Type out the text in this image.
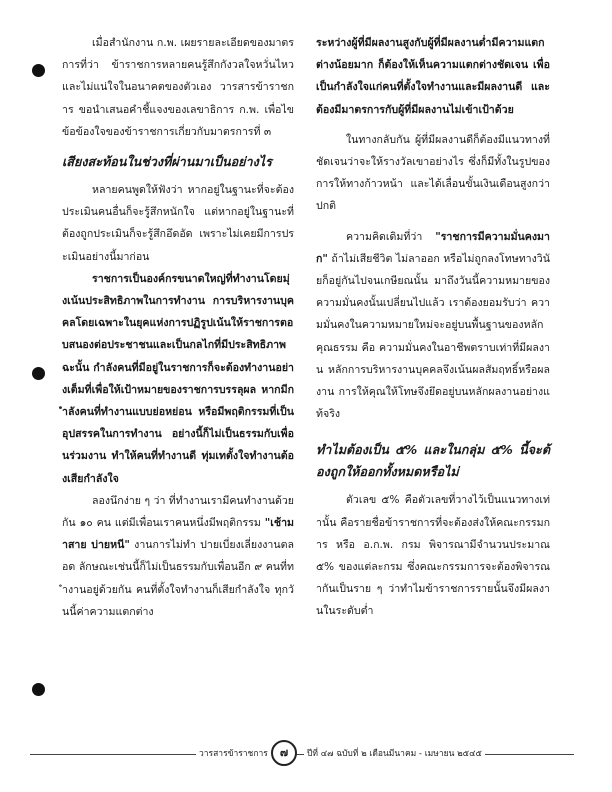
เมื่อสำนักงาน ก.พ. เผยรายละเอียดของมาตรการที่ว่า ข้าราชการหลายคนรู้สึกกังวลใจหวั่นไหว และไม่แน่ใจในอนาคตของตัวเอง วารสารข้าราชการ ขอนำเสนอคำชี้แจงของเลขาธิการ ก.พ. เพื่อไขข้อข้องใจของข้าราชการเกี่ยวกับมาตรการที่ ๓

เสียงสะท้อนในช่วงที่ผ่านมาเป็นอย่างไร

หลายคนพูดให้ฟังว่า หากอยู่ในฐานะที่จะต้องประเมินคนอื่นก็จะรู้สึกหนักใจ แต่หากอยู่ในฐานะที่ต้องถูกประเมินก็จะรู้สึกอึดอัด เพราะไม่เคยมีการประเมินอย่างนี้มาก่อน

ราชการเป็นองค์กรขนาดใหญ่ที่ทำงานโดยมุ่งเน้นประสิทธิภาพในการทำงาน การบริหารงานบุคคลโดยเฉพาะในยุคแห่งการปฏิรูปเน้นให้ราชการตอบสนองต่อประชาชนและเป็นกลไกที่มีประสิทธิภาพ ฉะนั้น กำลังคนที่มีอยู่ในราชการก็จะต้องทำงานอย่างเต็มที่เพื่อให้เป้าหมายของราชการบรรลุผล หากมีกำลังคนที่ทำงานแบบย่อหย่อน หรือมีพฤติกรรมที่เป็นอุปสรรคในการทำงาน อย่างนี้ก็ไม่เป็นธรรมกับเพื่อนร่วมงาน ทำให้คนที่ทำงานดี ทุ่มเทตั้งใจทำงานต้องเสียกำลังใจ

ลองนึกง่าย ๆ ว่า ที่ทำงานเรามีคนทำงานด้วยกัน ๑๐ คน แต่มีเพื่อนเราคนหนึ่งมีพฤติกรรม "เช้ามาสาย บ่ายหนี" งานการไม่ทำ ปายเบี่ยงเลี่ยงงานตลอด ลักษณะเช่นนี้ก็ไม่เป็นธรรมกับเพื่อนอีก ๙ คนที่ทำงานอยู่ด้วยกัน คนที่ตั้งใจทำงานก็เสียกำลังใจ ทุกวันนี้ค่าความแตกต่าง

ระหว่างผู้ที่มีผลงานสูงกับผู้ที่มีผลงานต่ำมีความแตกต่างน้อยมาก ก็ต้องให้เห็นความแตกต่างชัดเจน เพื่อเป็นกำลังใจแก่คนที่ตั้งใจทำงานและมีผลงานดี และต้องมีมาตรการกับผู้ที่มีผลงานไม่เข้าเป้าด้วย

ในทางกลับกัน ผู้ที่มีผลงานดีก็ต้องมีแนวทางที่ชัดเจนว่าจะให้รางวัลเขาอย่างไร ซึ่งก็มีทั้งในรูปของการให้ทางก้าวหน้า และได้เลื่อนขั้นเงินเดือนสูงกว่าปกติ

ความคิดเดิมที่ว่า "ราชการมีความมั่นคงมาก" ถ้าไม่เสียชีวิต ไม่ลาออก หรือไม่ถูกลงโทษทางวินัยก็อยู่กันไปจนเกษียณนั้น มาถึงวันนี้ความหมายของความมั่นคงนั้นเปลี่ยนไปแล้ว เราต้องยอมรับว่า ความมั่นคงในความหมายใหม่จะอยู่บนพื้นฐานของหลักคุณธรรม คือ ความมั่นคงในอาชีพตราบเท่าที่มีผลงาน หลักการบริหารงานบุคคลจึงเน้นผลสัมฤทธิ์หรือผลงาน การให้คุณให้โทษจึงยึดอยู่บนหลักผลงานอย่างแท้จริง

ทำไมต้องเป็น ๕% และในกลุ่ม ๕% นี้จะต้องถูกให้ออกทั้งหมดหรือไม่

ตัวเลข ๕% คือตัวเลขที่วางไว้เป็นแนวทางเท่านั้น คือรายชื่อข้าราชการที่จะต้องส่งให้คณะกรรมการ หรือ อ.ก.พ. กรม พิจารณามีจำนวนประมาณ ๕% ของแต่ละกรม ซึ่งคณะกรรมการจะต้องพิจารณากันเป็นราย ๆ ว่าทำไมข้าราชการรายนั้นจึงมีผลงานในระดับต่ำ

วารสารข้าราชการ	๗	ปีที่ ๔๗ ฉบับที่ ๒ เดือนมีนาคม - เมษายน ๒๕๔๕
